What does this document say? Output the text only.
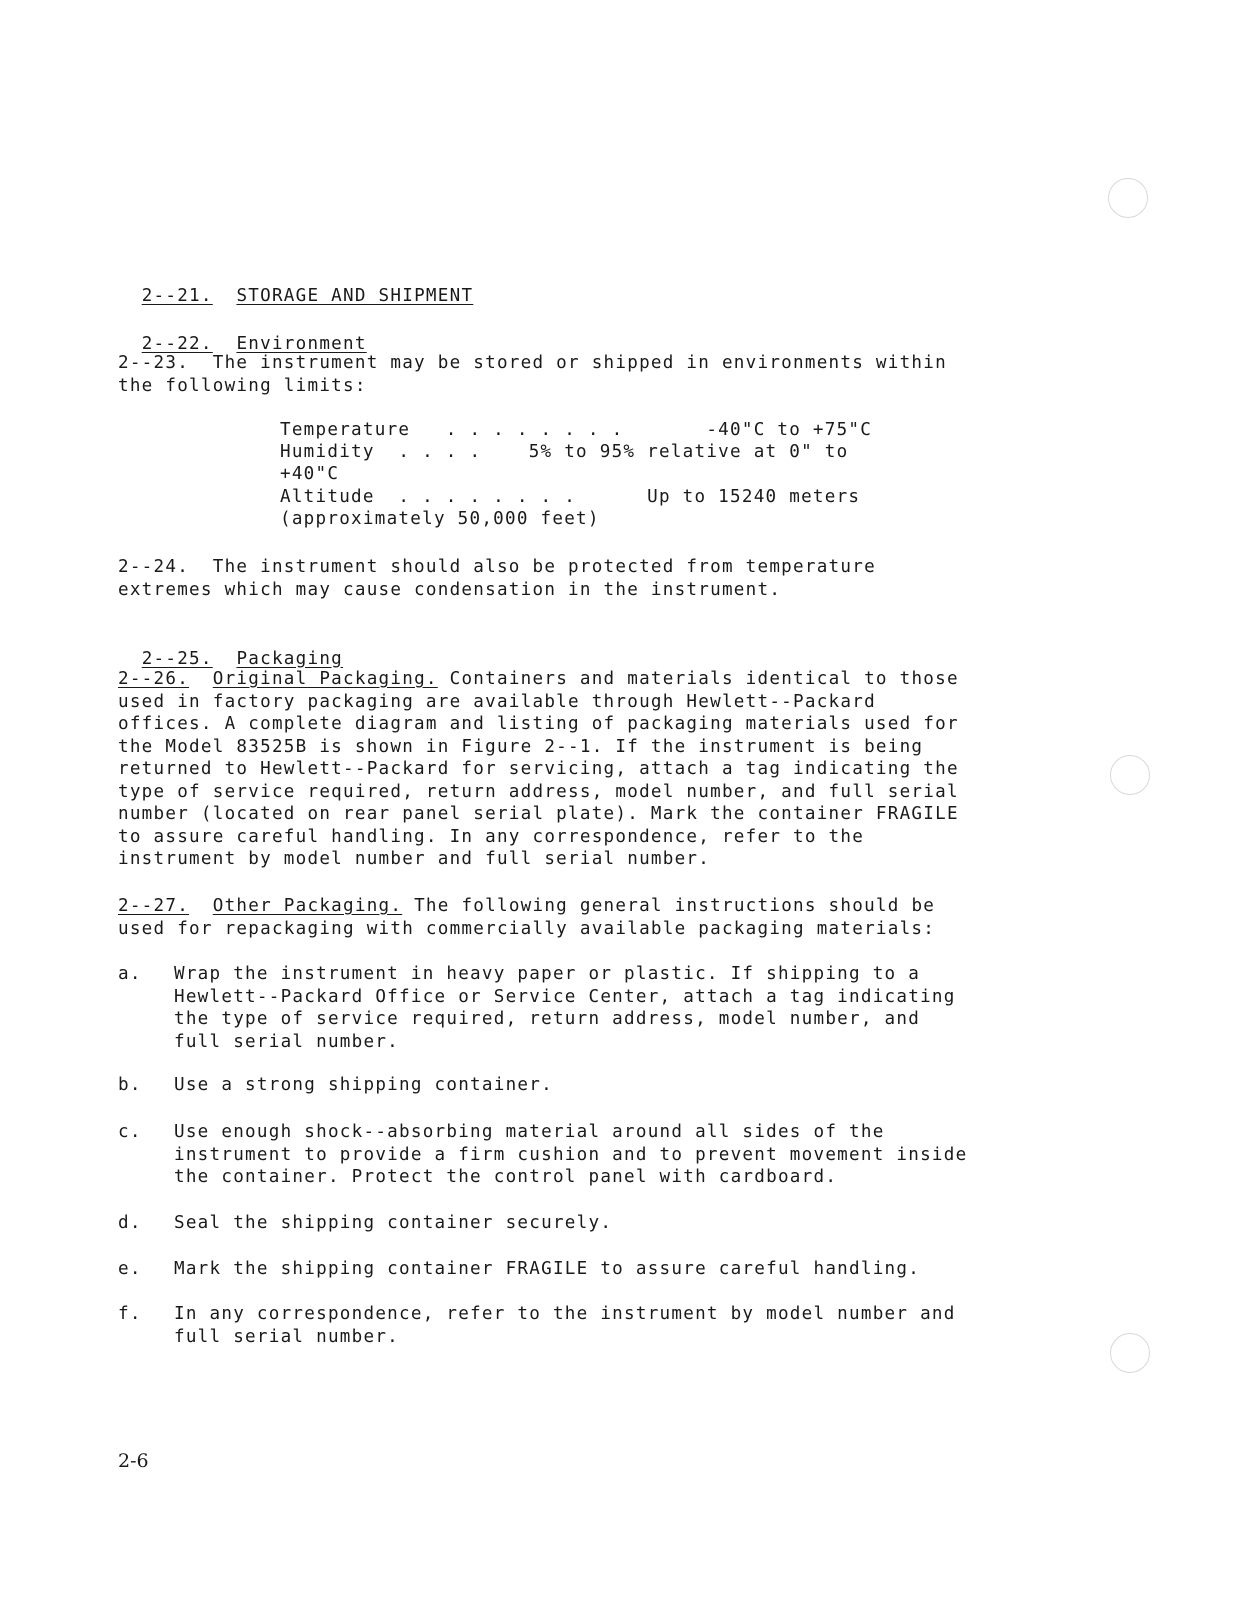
2--21. STORAGE AND SHIPMENT

2--22. Environment

2--23.  The instrument may be stored or shipped in environments within
the following limits:

Temperature   . . . . . . . .       -40"C to +75"C

Humidity  . . . .    5% to 95% relative at 0" to

+40"C

Altitude  . . . . . . . .      Up to 15240 meters

(approximately 50,000 feet)

2--24.  The instrument should also be protected from temperature
extremes which may cause condensation in the instrument.

2--25. Packaging

2--26. Original Packaging. Containers and materials identical to those
used in factory packaging are available through Hewlett--Packard
offices. A complete diagram and listing of packaging materials used for
the Model 83525B is shown in Figure 2--1. If the instrument is being
returned to Hewlett--Packard for servicing, attach a tag indicating the
type of service required, return address, model number, and full serial
number (located on rear panel serial plate). Mark the container FRAGILE
to assure careful handling. In any correspondence, refer to the
instrument by model number and full serial number.

2--27. Other Packaging. The following general instructions should be
used for repackaging with commercially available packaging materials:

a. Wrap the instrument in heavy paper or plastic. If shipping to a
Hewlett--Packard Office or Service Center, attach a tag indicating
the type of service required, return address, model number, and
full serial number.
b. Use a strong shipping container.
c. Use enough shock--absorbing material around all sides of the
instrument to provide a firm cushion and to prevent movement inside
the container. Protect the control panel with cardboard.
d. Seal the shipping container securely.
e. Mark the shipping container FRAGILE to assure careful handling.
f. In any correspondence, refer to the instrument by model number and
full serial number.
2-6
